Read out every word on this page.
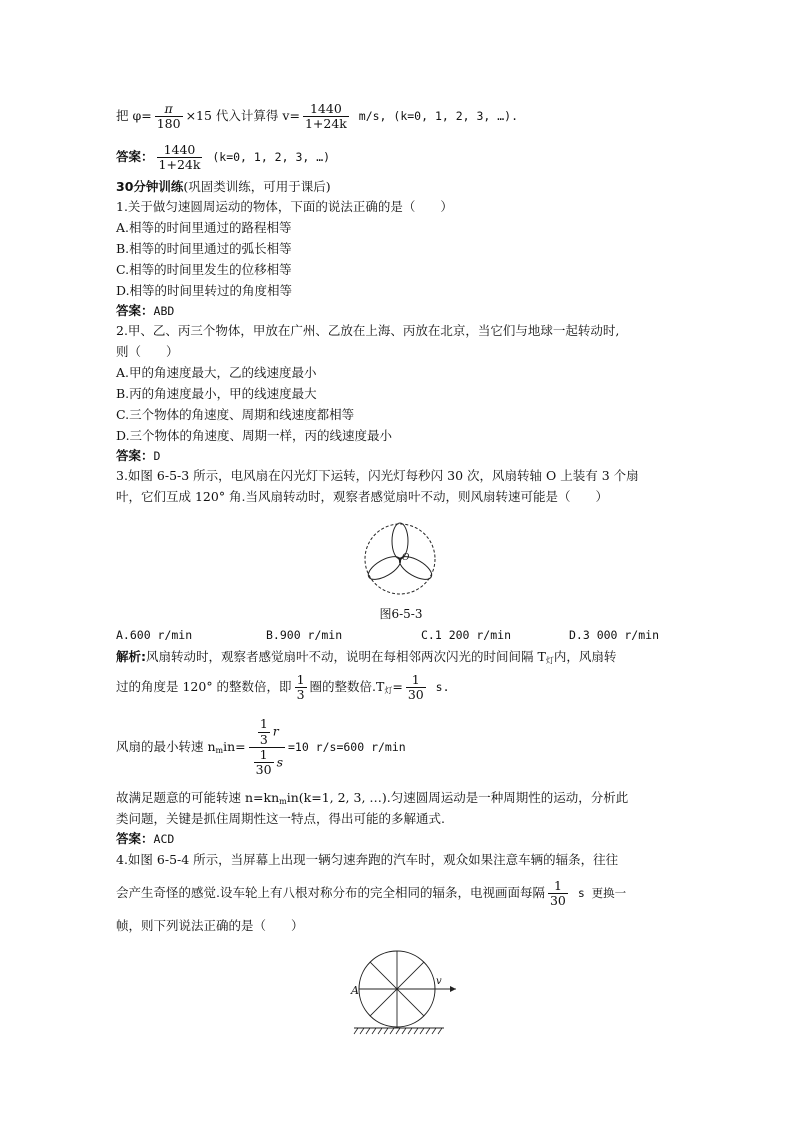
把 $\varphi= \frac{\pi}{180} \times 15$ 代入计算得 $v= \frac{1440}{1+24k} m/s$, (k=0, 1, 2, 3, …).
答案： $\frac{1440}{1+24k} (k=0$, 1, 2, 3, …)
30分钟训练(巩固类训练，可用于课后)
1.关于做匀速圆周运动的物体，下面的说法正确的是（　　）
A.相等的时间里通过的路程相等
B.相等的时间里通过的弧长相等
C.相等的时间里发生的位移相等
D.相等的时间里转过的角度相等
答案：ABD
2.甲、乙、丙三个物体，甲放在广州、乙放在上海、丙放在北京，当它们与地球一起转动时,
则（　　）
A.甲的角速度最大，乙的线速度最小
B.丙的角速度最小，甲的线速度最大
C.三个物体的角速度、周期和线速度都相等
D.三个物体的角速度、周期一样，丙的线速度最小
答案：D
3.如图 6-5-3 所示，电风扇在闪光灯下运转，闪光灯每秒闪 30 次，风扇转轴 O 上装有 3 个扇
叶，它们互成 120° 角.当风扇转动时，观察者感觉扇叶不动，则风扇转速可能是（　　）
O
图6-5-3
A.600 r/min	B.900 r/min	C.1 200 r/min	D.3 000 r/min
解析:风扇转动时，观察者感觉扇叶不动，说明在每相邻两次闪光的时间间隔 $T_灯$内，风扇转
过的角度是 120° 的整数倍，即 $\frac{1}{3}$ 圈的整数倍$.T_灯= \frac{1}{30} s$.
风扇的最小转速 $n_min= \frac{\frac{1}{3} r}{\frac{1}{30} s} =10$ r/s=600 r/min
故满足题意的可能转速 $n=kn_min(k=1$, 2, 3, …).匀速圆周运动是一种周期性的运动，分析此
类问题，关键是抓住周期性这一特点，得出可能的多解通式.
答案：ACD
4.如图 6-5-4 所示，当屏幕上出现一辆匀速奔跑的汽车时，观众如果注意车辆的辐条，往往
会产生奇怪的感觉.设车轮上有八根对称分布的完全相同的辐条，电视画面每隔 $\frac{1}{30}$ s 更换一
帧，则下列说法正确的是（　　）
A
v
